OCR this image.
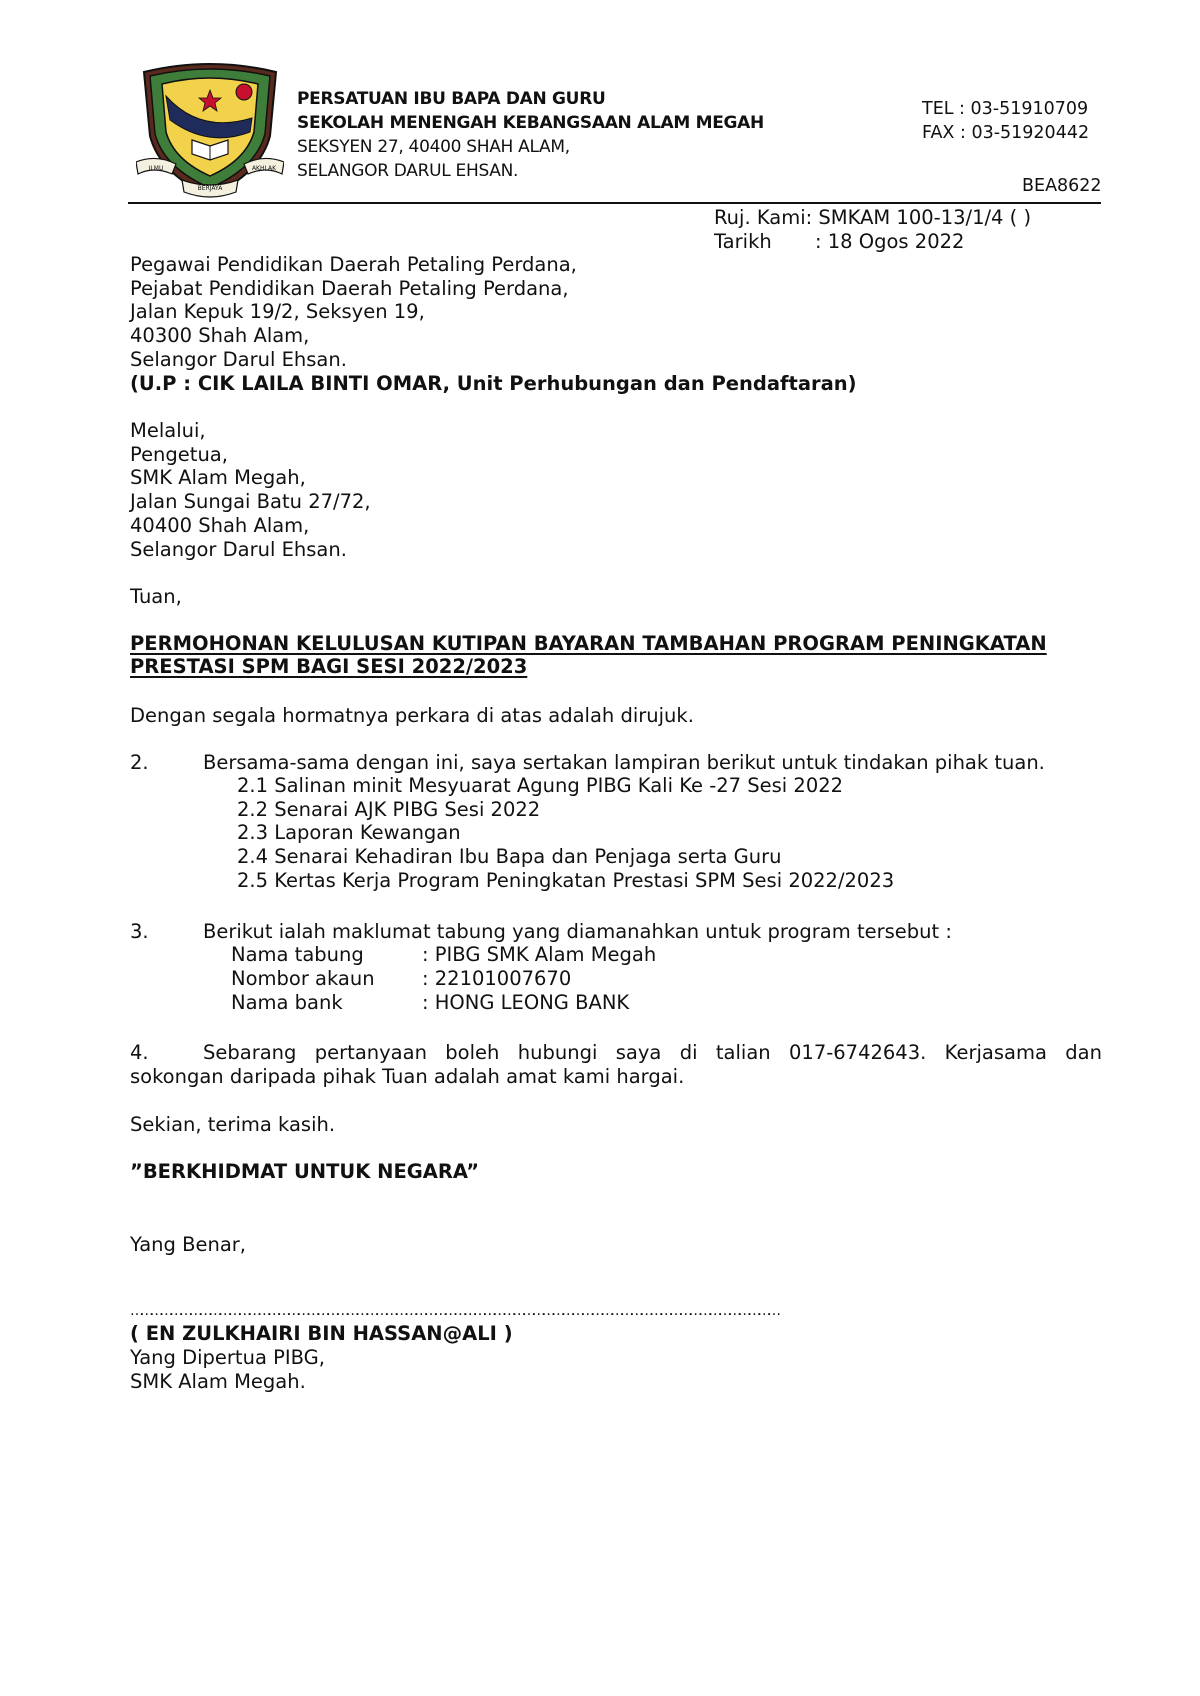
ILMU	AKHLAK
BERJAYA
PERSATUAN IBU BAPA DAN GURU
SEKOLAH MENENGAH KEBANGSAAN ALAM MEGAH
SEKSYEN 27, 40400 SHAH ALAM,
SELANGOR DARUL EHSAN.
TEL : 03-51910709
FAX : 03-51920442
BEA8622
Ruj. Kami: SMKAM 100-13/1/4 ( )
Tarikh : 18 Ogos 2022
Pegawai Pendidikan Daerah Petaling Perdana,
Pejabat Pendidikan Daerah Petaling Perdana,
Jalan Kepuk 19/2, Seksyen 19,
40300 Shah Alam,
Selangor Darul Ehsan.
(U.P : CIK LAILA BINTI OMAR, Unit Perhubungan dan Pendaftaran)
Melalui,
Pengetua,
SMK Alam Megah,
Jalan Sungai Batu 27/72,
40400 Shah Alam,
Selangor Darul Ehsan.
Tuan,
PERMOHONAN KELULUSAN KUTIPAN BAYARAN TAMBAHAN PROGRAM PENINGKATAN
PRESTASI SPM BAGI SESI 2022/2023
Dengan segala hormatnya perkara di atas adalah dirujuk.
2.	Bersama-sama dengan ini, saya sertakan lampiran berikut untuk tindakan pihak tuan.
2.1 Salinan minit Mesyuarat Agung PIBG Kali Ke -27 Sesi 2022
2.2 Senarai AJK PIBG Sesi 2022
2.3 Laporan Kewangan
2.4 Senarai Kehadiran Ibu Bapa dan Penjaga serta Guru
2.5 Kertas Kerja Program Peningkatan Prestasi SPM Sesi 2022/2023
3.	Berikut ialah maklumat tabung yang diamanahkan untuk program tersebut :
Nama tabung	: PIBG SMK Alam Megah
Nombor akaun : 22101007670
Nama bank	: HONG LEONG BANK
4.	Sebarang pertanyaan boleh hubungi saya di talian 017-6742643. Kerjasama dan
sokongan daripada pihak Tuan adalah amat kami hargai.
Sekian, terima kasih.
”BERKHIDMAT UNTUK NEGARA”
Yang Benar,
………………………………………………………………………………………………………………………………………………………………………………
( EN ZULKHAIRI BIN HASSAN@ALI )
Yang Dipertua PIBG,
SMK Alam Megah.
